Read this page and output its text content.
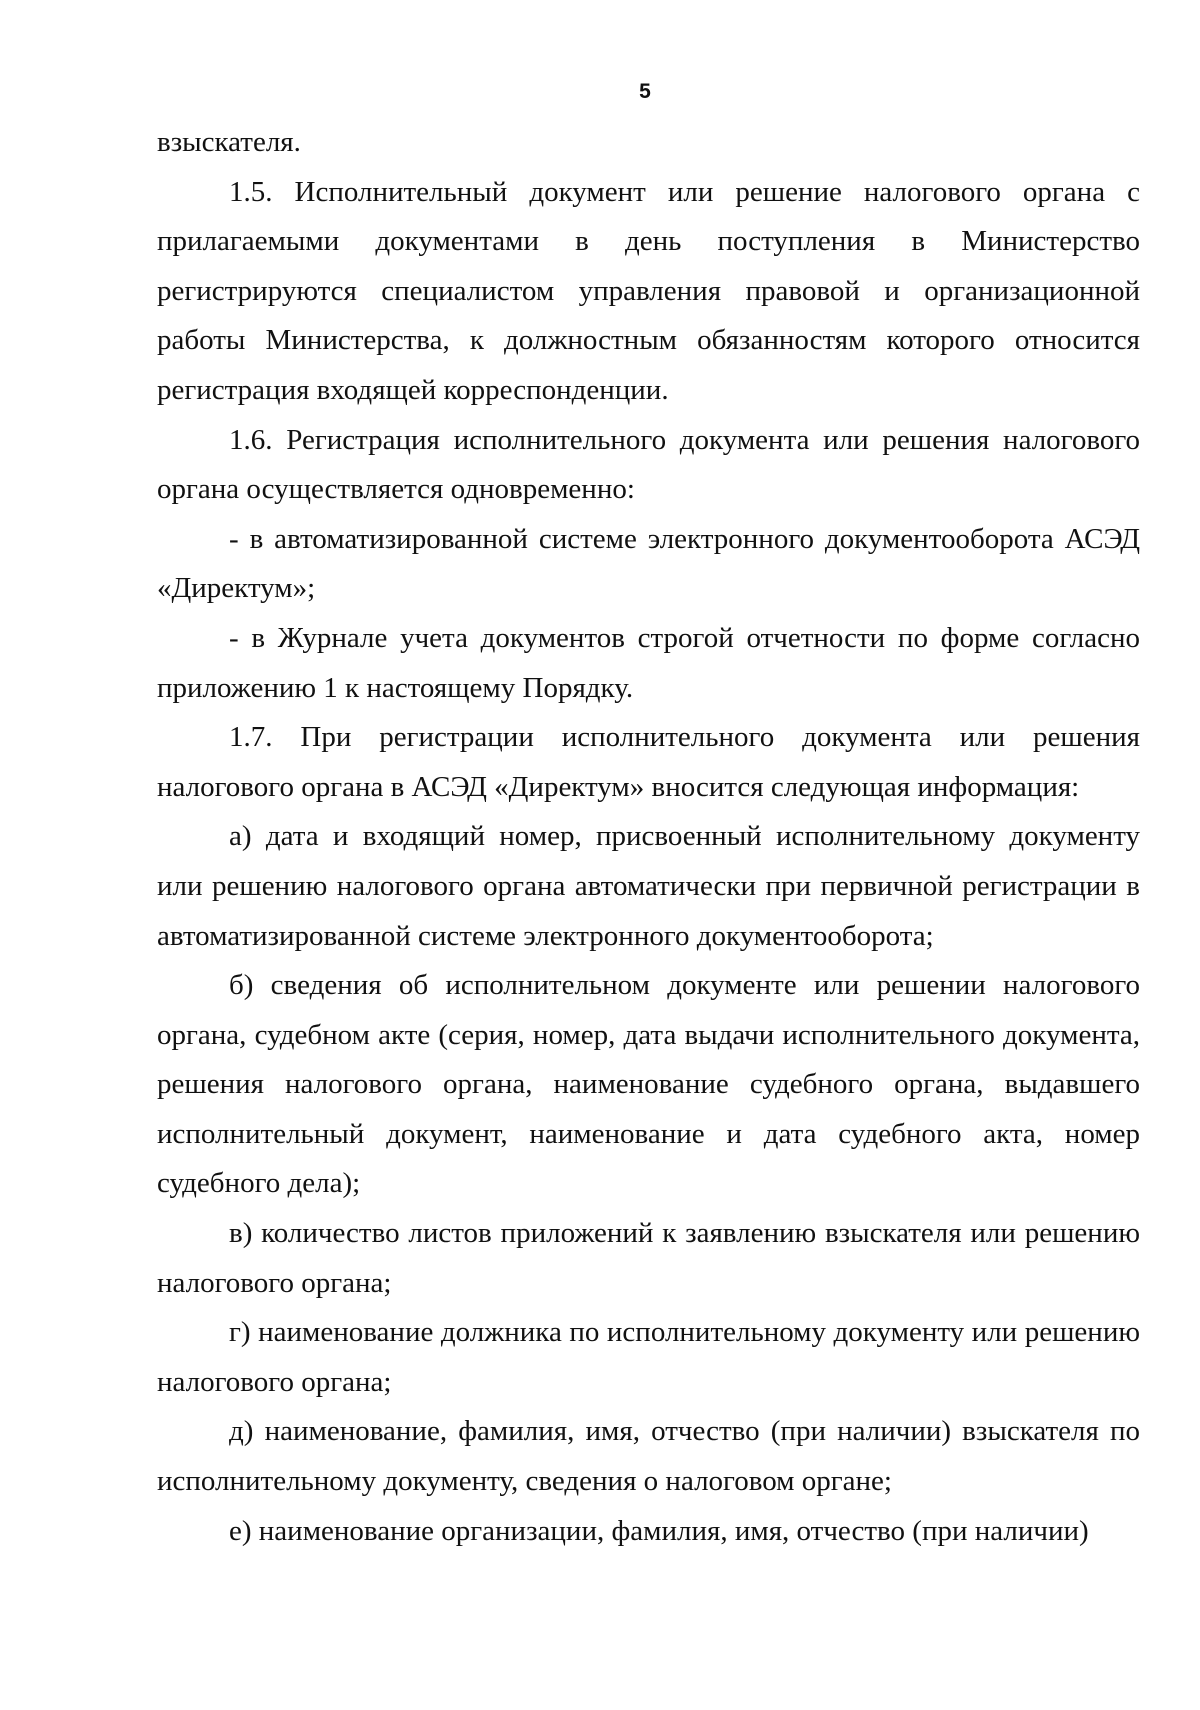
5

взыскателя.

1.5. Исполнительный документ или решение налогового органа с прилагаемыми документами в день поступления в Министерство регистрируются специалистом управления правовой и организационной работы Министерства, к должностным обязанностям которого относится регистрация входящей корреспонденции.

1.6. Регистрация исполнительного документа или решения налогового органа осуществляется одновременно:

- в автоматизированной системе электронного документооборота АСЭД «Директум»;

- в Журнале учета документов строгой отчетности по форме согласно приложению 1 к настоящему Порядку.

1.7. При регистрации исполнительного документа или решения налогового органа в АСЭД «Директум» вносится следующая информация:

а) дата и входящий номер, присвоенный исполнительному документу или решению налогового органа автоматически при первичной регистрации в автоматизированной системе электронного документооборота;

б) сведения об исполнительном документе или решении налогового органа, судебном акте (серия, номер, дата выдачи исполнительного документа, решения налогового органа, наименование судебного органа, выдавшего исполнительный документ, наименование и дата судебного акта, номер судебного дела);

в) количество листов приложений к заявлению взыскателя или решению налогового органа;

г) наименование должника по исполнительному документу или решению налогового органа;

д) наименование, фамилия, имя, отчество (при наличии) взыскателя по исполнительному документу, сведения о налоговом органе;

е) наименование организации, фамилия, имя, отчество (при наличии)
